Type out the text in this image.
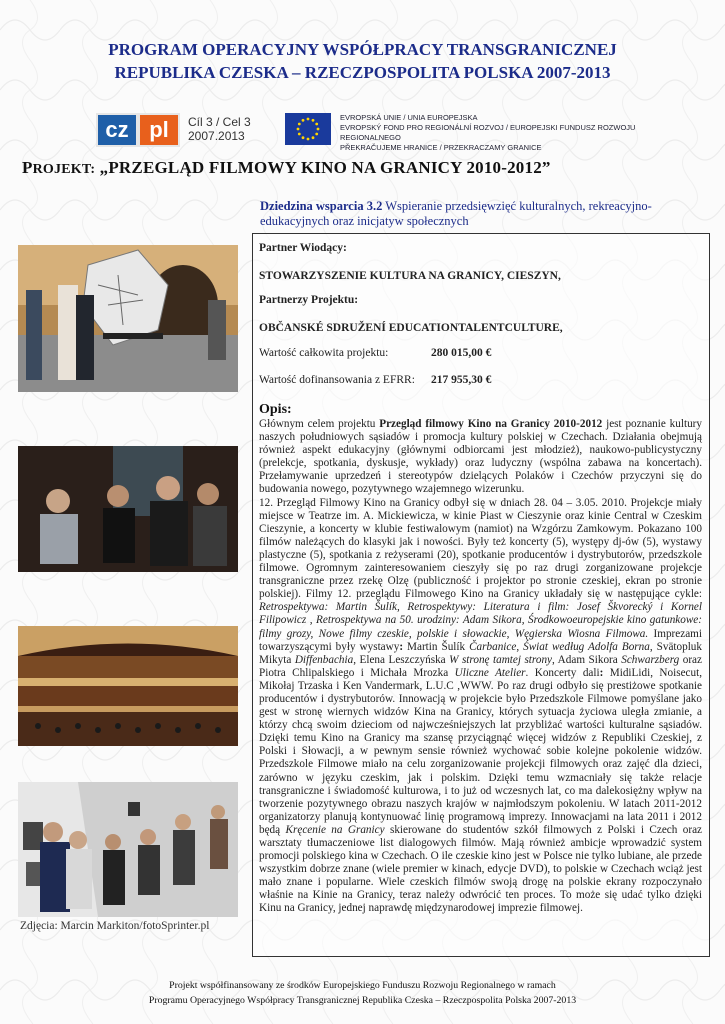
PROGRAM OPERACYJNY WSPÓŁPRACY TRANSGRANICZNEJ
REPUBLIKA CZESKA – RZECZPOSPOLITA POLSKA 2007-2013
cz pl	Cíl 3 / Cel 3
2007.2013
EVROPSKÁ UNIE / UNIA EUROPEJSKA
EVROPSKÝ FOND PRO REGIONÁLNÍ ROZVOJ / EUROPEJSKI FUNDUSZ ROZWOJU REGIONALNEGO
PŘEKRAČUJEME HRANICE / PRZEKRACZAMY GRANICE
PROJEKT: „PRZEGLĄD FILMOWY KINO NA GRANICY 2010-2012”
Dziedzina wsparcia 3.2 Wspieranie przedsięwzięć kulturalnych, rekreacyjno-edukacyjnych oraz inicjatyw społecznych
Zdjęcia: Marcin Markiton/fotoSprinter.pl
Partner Wiodący:
STOWARZYSZENIE KULTURA NA GRANICY, CIESZYN,
Partnerzy Projektu:
OBČANSKÉ SDRUŽENÍ EDUCATIONTALENTCULTURE,
Wartość całkowita projektu:	280 015,00 €
Wartość dofinansowania z EFRR: 217 955,30 €
Opis:
Głównym celem projektu Przegląd filmowy Kino na Granicy 2010-2012 jest poznanie kultury naszych południowych sąsiadów i promocja kultury polskiej w Czechach. Działania obejmują również aspekt edukacyjny (głównymi odbiorcami jest młodzież), naukowo-publicystyczny (prelekcje, spotkania, dyskusje, wykłady) oraz ludyczny (wspólna zabawa na koncertach). Przełamywanie uprzedzeń i stereotypów dzielących Polaków i Czechów przyczyni się do budowania nowego, pozytywnego wzajemnego wizerunku.
12. Przegląd Filmowy Kino na Granicy odbył się w dniach 28. 04 – 3.05. 2010. Projekcje miały miejsce w Teatrze im. A. Mickiewicza, w kinie Piast w Cieszynie oraz kinie Central w Czeskim Cieszynie, a koncerty w klubie festiwalowym (namiot) na Wzgórzu Zamkowym. Pokazano 100 filmów należących do klasyki jak i nowości. Były też koncerty (5), występy dj-ów (5), wystawy plastyczne (5), spotkania z reżyserami (20), spotkanie producentów i dystrybutorów, przedszkole filmowe. Ogromnym zainteresowaniem cieszyły się po raz drugi zorganizowane projekcje transgraniczne przez rzekę Olzę (publiczność i projektor po stronie czeskiej, ekran po stronie polskiej). Filmy 12. przeglądu Filmowego Kino na Granicy układały się w następujące cykle: Retrospektywa: Martin Šulík, Retrospektywy: Literatura i film: Josef Škvorecký i Kornel Filipowicz , Retrospektywa na 50. urodziny: Adam Sikora, Środkowoeuropejskie kino gatunkowe: filmy grozy, Nowe filmy czeskie, polskie i słowackie, Węgierska Wiosna Filmowa. Imprezami towarzyszącymi były wystawy: Martin Šulík Čarbanice, Świat według Adolfa Borna, Svätopluk Mikyta Diffenbachia, Elena Leszczyńska W stronę tamtej strony, Adam Sikora Schwarzberg oraz Piotra Chlipalskiego i Michała Mrozka Uliczne Atelier. Koncerty dali: MidiLidi, Noisecut, Mikołaj Trzaska i Ken Vandermark, L.U.C ,WWW. Po raz drugi odbyło się prestiżowe spotkanie producentów i dystrybutorów. Innowacją w projekcie było Przedszkole Filmowe pomyślane jako gest w stronę wiernych widzów Kina na Granicy, których sytuacja życiowa uległa zmianie, a którzy chcą swoim dzieciom od najwcześniejszych lat przybliżać wartości kulturalne sąsiadów. Dzięki temu Kino na Granicy ma szansę przyciągnąć więcej widzów z Republiki Czeskiej, z Polski i Słowacji, a w pewnym sensie również wychować sobie kolejne pokolenie widzów. Przedszkole Filmowe miało na celu zorganizowanie projekcji filmowych oraz zajęć dla dzieci, zarówno w języku czeskim, jak i polskim. Dzięki temu wzmacniały się także relacje transgraniczne i świadomość kulturowa, i to już od wczesnych lat, co ma dalekosiężny wpływ na tworzenie pozytywnego obrazu naszych krajów w najmłodszym pokoleniu. W latach 2011-2012 organizatorzy planują kontynuować linię programową imprezy. Innowacjami na lata 2011 i 2012 będą Kręcenie na Granicy skierowane do studentów szkół filmowych z Polski i Czech oraz warsztaty tłumaczeniowe list dialogowych filmów. Mają również ambicje wprowadzić system promocji polskiego kina w Czechach. O ile czeskie kino jest w Polsce nie tylko lubiane, ale przede wszystkim dobrze znane (wiele premier w kinach, edycje DVD), to polskie w Czechach wciąż jest mało znane i popularne. Wiele czeskich filmów swoją drogę na polskie ekrany rozpoczynało właśnie na Kinie na Granicy, teraz należy odwrócić ten proces. To może się udać tylko dzięki Kinu na Granicy, jednej naprawdę międzynarodowej imprezie filmowej.
Projekt współfinansowany ze środków Europejskiego Funduszu Rozwoju Regionalnego w ramach
Programu Operacyjnego Współpracy Transgranicznej Republika Czeska – Rzeczpospolita Polska 2007-2013
